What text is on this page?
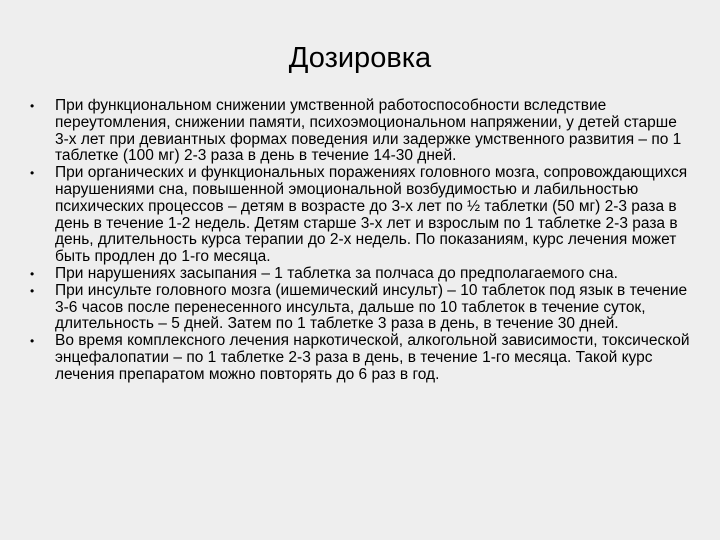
Дозировка
•	При функциональном снижении умственной работоспособности вследствие переутомления, снижении памяти, психоэмоциональном напряжении, у детей старше 3-х лет при девиантных формах поведения или задержке умственного развития – по 1 таблетке (100 мг) 2-3 раза в день в течение 14-30 дней.
•	При органических и функциональных поражениях головного мозга, сопровождающихся нарушениями сна, повышенной эмоциональной возбудимостью и лабильностью психических процессов – детям в возрасте до 3-х лет по ½ таблетки (50 мг) 2-3 раза в день в течение 1-2 недель. Детям старше 3-х лет и взрослым по 1 таблетке 2-3 раза в день, длительность курса терапии до 2-х недель. По показаниям, курс лечения может быть продлен до 1-го месяца.
•	При нарушениях засыпания – 1 таблетка за полчаса до предполагаемого сна.
•	При инсульте головного мозга (ишемический инсульт) – 10 таблеток под язык в течение 3-6 часов после перенесенного инсульта, дальше по 10 таблеток в течение суток, длительность – 5 дней. Затем по 1 таблетке 3 раза в день, в течение 30 дней.
•	Во время комплексного лечения наркотической, алкогольной зависимости, токсической энцефалопатии – по 1 таблетке 2-3 раза в день, в течение 1-го месяца. Такой курс лечения препаратом можно повторять до 6 раз в год.
